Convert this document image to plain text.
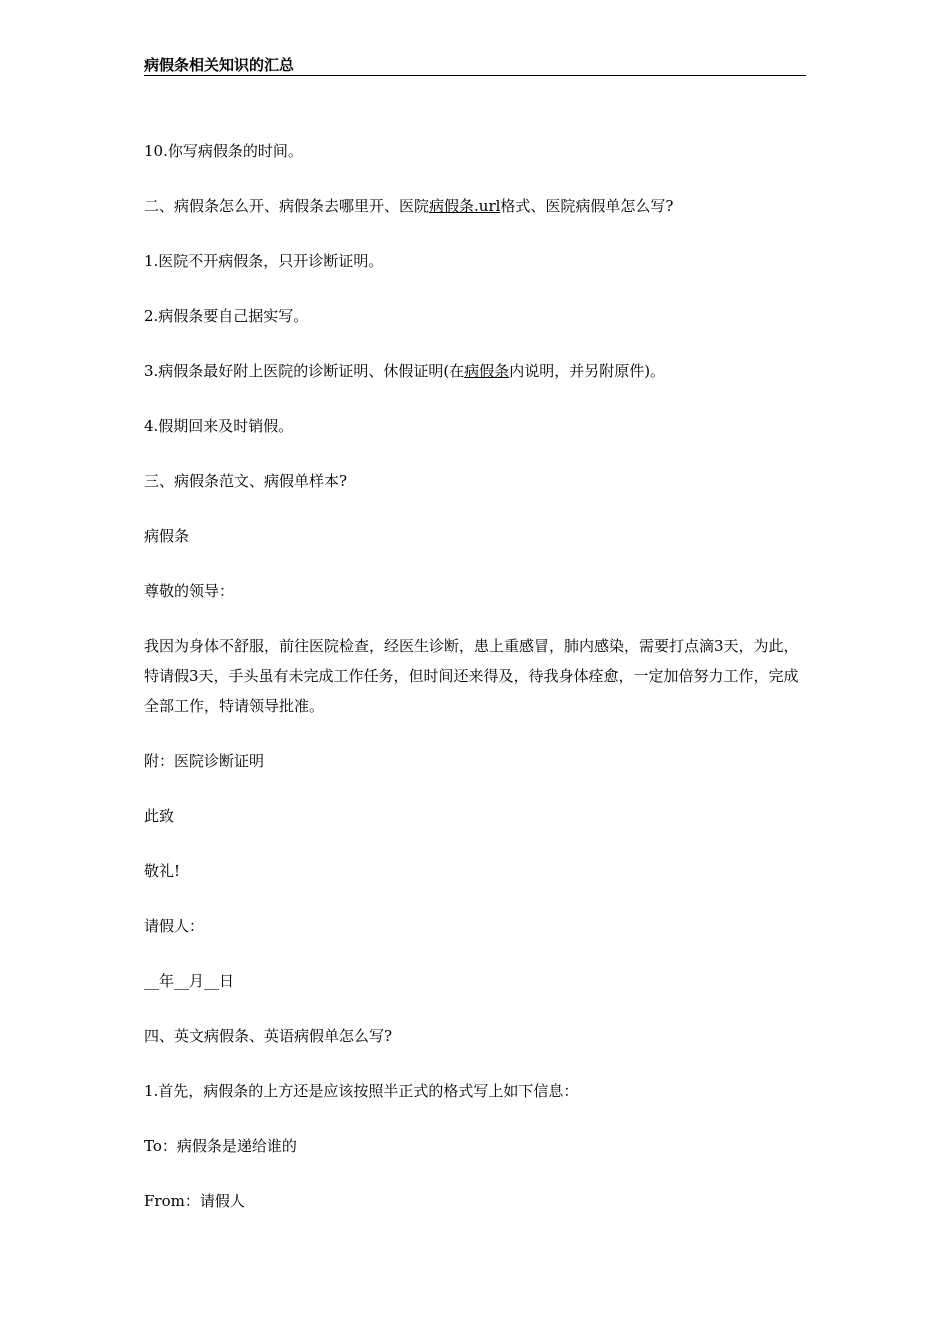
病假条相关知识的汇总

10.你写病假条的时间。

二、病假条怎么开、病假条去哪里开、医院病假条.url格式、医院病假单怎么写?

1.医院不开病假条，只开诊断证明。

2.病假条要自己据实写。

3.病假条最好附上医院的诊断证明、休假证明(在病假条内说明，并另附原件)。

4.假期回来及时销假。

三、病假条范文、病假单样本?

病假条

尊敬的领导：

我因为身体不舒服，前往医院检查，经医生诊断，患上重感冒，肺内感染，需要打点滴3天，为此，特请假3天，手头虽有未完成工作任务，但时间还来得及，待我身体痊愈，一定加倍努力工作，完成全部工作，特请领导批准。

附：医院诊断证明

此致

敬礼!

请假人：

__年__月__日

四、英文病假条、英语病假单怎么写?

1.首先，病假条的上方还是应该按照半正式的格式写上如下信息：

To：病假条是递给谁的

From：请假人
